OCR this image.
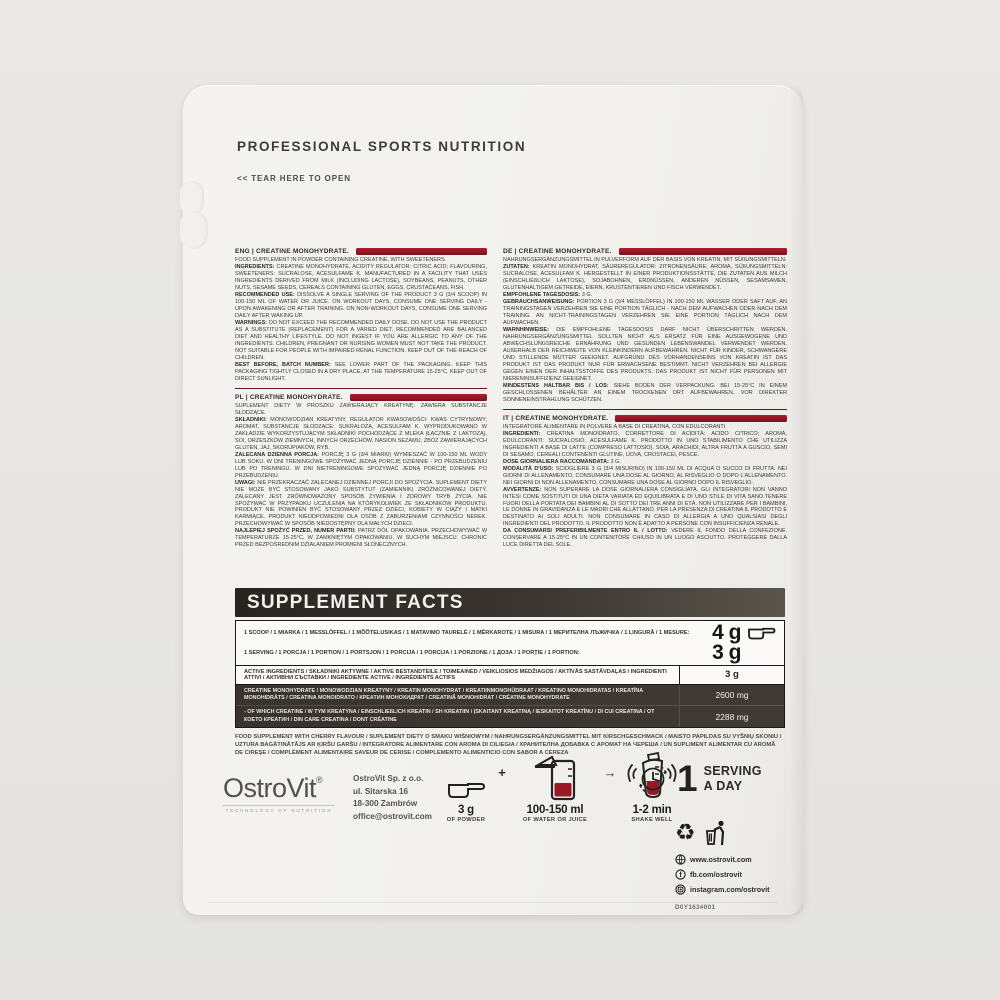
PROFESSIONAL SPORTS NUTRITION
<< TEAR HERE TO OPEN
ENG | CREATINE MONOHYDRATE.

FOOD SUPPLEMENT IN POWDER CONTAINING CREATINE, WITH SWEETENERS.

INGREDIENTS: CREATINE MONOHYDRATE, ACIDITY REGULATOR: CITRIC ACID; FLAVOURING, SWEETENERS: SUCRALOSE, ACESULFAME K. MANUFACTURED IN A FACILITY THAT USES INGREDIENTS DERIVED FROM MILK (INCLUDING LACTOSE), SOYBEANS, PEANUTS, OTHER NUTS, SESAME SEEDS, CEREALS CONTAINING GLUTEN, EGGS, CRUSTACEANS, FISH.

RECOMMENDED USE: DISSOLVE A SINGLE SERVING OF THE PRODUCT 3 G (3/4 SCOOP) IN 100-150 ML OF WATER OR JUICE. ON WORKOUT DAYS, CONSUME ONE SERVING DAILY - UPON AWAKENING OR AFTER TRAINING. ON NON-WORKOUT DAYS, CONSUME ONE SERVING DAILY AFTER WAKING UP.

WARNINGS: DO NOT EXCEED THE RECOMMENDED DAILY DOSE. DO NOT USE THE PRODUCT AS A SUBSTITUTE (REPLACEMENT) FOR A VARIED DIET. RECOMMENDED ARE BALANCED DIET AND HEALTHY LIFESTYLE. DO NOT INGEST IF YOU ARE ALLERGIC TO ANY OF THE INGREDIENTS. CHILDREN, PREGNANT OR NURSING WOMEN MUST NOT TAKE THE PRODUCT. NOT SUITABLE FOR PEOPLE WITH IMPAIRED RENAL FUNCTION. KEEP OUT OF THE REACH OF CHILDREN.

BEST BEFORE, BATCH NUMBER: SEE LOWER PART OF THE PACKAGING. KEEP THIS PACKAGING TIGHTLY CLOSED IN A DRY PLACE, AT THE TEMPERATURE 15-25°C. KEEP OUT OF DIRECT SUNLIGHT.

PL | CREATINE MONOHYDRATE.

SUPLEMENT DIETY W PROSZKU ZAWIERAJĄCY KREATYNĘ. ZAWIERA SUBSTANCJE SŁODZĄCE.

SKŁADNIKI: MONOWODZIAN KREATYNY, REGULATOR KWASOWOŚCI: KWAS CYTRYNOWY; AROMAT, SUBSTANCJE SŁODZĄCE: SUKRALOZA, ACESULFAM K. WYPRODUKOWANO W ZAKŁADZIE WYKORZYSTUJĄCYM SKŁADNIKI POCHODZĄCE Z MLEKA (ŁĄCZNIE Z LAKTOZĄ), SOI, ORZESZKÓW ZIEMNYCH, INNYCH ORZECHÓW, NASION SEZAMU, ZBÓŻ ZAWIERAJĄCYCH GLUTEN, JAJ, SKORUPIAKÓW, RYB.

ZALECANA DZIENNA PORCJA: PORCJĘ 3 G (3/4 MIARKI) WYMIESZAĆ W 100-150 ML WODY LUB SOKU. W DNI TRENINGOWE SPOŻYWAĆ JEDNĄ PORCJĘ DZIENNIE - PO PRZEBUDZENIU LUB PO TRENINGU. W DNI NIETRENINGOWE SPOŻYWAĆ JEDNĄ PORCJĘ DZIENNIE PO PRZEBUDZENIU.

UWAGI: NIE PRZEKRACZAĆ ZALECANEJ DZIENNEJ PORCJI DO SPOŻYCIA. SUPLEMENT DIETY NIE MOŻE BYĆ STOSOWANY JAKO SUBSTYTUT (ZAMIENNIK) ZRÓŻNICOWANEJ DIETY. ZALECANY JEST ZRÓWNOWAŻONY SPOSÓB ŻYWIENIA I ZDROWY TRYB ŻYCIA. NIE SPOŻYWAĆ W PRZYPADKU UCZULENIA NA KTÓRYKOLWIEK ZE SKŁADNIKÓW PRODUKTU. PRODUKT NIE POWINIEN BYĆ STOSOWANY PRZEZ DZIECI, KOBIETY W CIĄŻY I MATKI KARMIĄCE. PRODUKT NIEODPOWIEDNI DLA OSÓB Z ZABURZENIAMI CZYNNOŚCI NEREK. PRZECHOWYWAĆ W SPOSÓB NIEDOSTĘPNY DLA MAŁYCH DZIECI.

NAJLEPIEJ SPOŻYĆ PRZED, NUMER PARTII: PATRZ DÓŁ OPAKOWANIA. PRZECHOWYWAĆ W TEMPERATURZE 15-25°C, W ZAMKNIĘTYM OPAKOWANIU, W SUCHYM MIEJSCU. CHRONIĆ PRZED BEZPOŚREDNIM DZIAŁANIEM PROMIENI SŁONECZNYCH.

DE | CREATINE MONOHYDRATE.

NAHRUNGSERGÄNZUNGSMITTEL IN PULVERFORM AUF DER BASIS VON KREATIN, MIT SÜßUNGSMITTELN.

ZUTATEN: KREATIN MONOHYDRAT, SÄUREREGULATOR: ZITRONENSÄURE; AROMA, SÜßUNGSMITTELN: SUCRALOSE, ACESULFAM K. HERGESTELLT IN EINER PRODUKTIONSSTÄTTE, DIE ZUTATEN AUS MILCH (EINSCHLIEßLICH LAKTOSE), SOJABOHNEN, ERDNÜSSEN, ANDEREN NÜSSEN, SESAMSAMEN, GLUTENHALTIGEM GETREIDE, EIERN, KRUSTENTIEREN UND FISCH VERWENDET.

EMPFOHLENE TAGESDOSIS: 3 G.

GEBRAUCHSANWEISUNG: PORTION 3 G (3/4 MESSLÖFFEL) IN 100-150 ML WASSER ODER SAFT AUF. AN TRAININGSTAGEN VERZEHREN SIE EINE PORTION TÄGLICH - NACH DEM AUFWACHEN ODER NACH DEM TRAINING. AN NICHT-TRAININGSTAGEN VERZEHREN SIE EINE PORTION TÄGLICH NACH DEM AUFWACHEN.

WARNHINWEISE: DIE EMPFOHLENE TAGESDOSIS DARF NICHT ÜBERSCHRITTEN WERDEN. NAHRUNGSERGÄNZUNGSMITTEL SOLLTEN NICHT ALS ERSATZ FÜR EINE AUSGEWOGENE UND ABWECHSLUNGSREICHE ERNÄHRUNG UND GESUNDEN LEBENSWANDEL VERWENDET WERDEN. AUßERHALB DER REICHWEITE VON KLEINKINDERN AUFBEWAHREN. NICHT FÜR KINDER, SCHWANGERE UND STILLENDE MÜTTER GEEIGNET. AUFGRUND DES VORHANDENSEINS VON KREATIN IST DAS PRODUKT IST DAS PRODUKT NUR FÜR ERWACHSENE BESTIMMT. NICHT VERZEHREN BEI ALLERGIE GEGEN EINEN DER INHALTSSTOFFE DES PRODUKTS. DAS PRODUKT IST NICHT FÜR PERSONEN MIT NIERENINSUFFIZIENZ GEEIGNET.

MINDESTENS HALTBAR BIS / LOS: SIEHE BODEN DER VERPACKUNG. BEI 15-25°C IN EINEM GESCHLOSSENEN BEHÄLTER AN EINEM TROCKENEN ORT AUFBEWAHREN. VOR DIREKTER SONNENEINSTRAHLUNG SCHÜTZEN.

IT | CREATINE MONOHYDRATE.

INTEGRATORE ALIMENTARE IN POLVERE A BASE DI CREATINA, CON EDULCORANTI.

INGREDIENTI: CREATINA MONOIDRATO, CORRETTORE DI ACIDITÀ: ACIDO CITRICO; AROMA, EDULCORANTI: SUCRALOSIO, ACESULFAME K. PRODOTTO IN UNO STABILIMENTO CHE UTILIZZA INGREDIENTI A BASE DI LATTE (COMPRESO LATTOSIO), SOIA, ARACHIDI, ALTRA FRUTTA A GUSCIO, SEMI DI SESAMO, CEREALI CONTENENTI GLUTINE, UOVA, CROSTACEI, PESCE.

DOSE GIORNALIERA RACCOMANDATA: 3 G.

MODALITÀ D'USO: SCIOGLIERE 3 G (3/4 MISURINO) IN 100-150 ML DI ACQUA O SUCCO DI FRUTTA. NEI GIORNI DI ALLENAMENTO, CONSUMARE UNA DOSE AL GIORNO, AL RISVEGLIO O DOPO L'ALLENAMENTO. NEI GIORNI DI NON ALLENAMENTO, CONSUMARE UNA DOSE AL GIORNO DOPO IL RISVEGLIO.

AVVERTENZE: NON SUPERARE LA DOSE GIORNALIERA CONSIGLIATA. GLI INTEGRATORI NON VANNO INTESI COME SOSTITUTI DI UNA DIETA VARIATA ED EQUILIBRATA E DI UNO STILE DI VITA SANO.TENERE FUORI DELLA PORTATA DEI BAMBINI AL DI SOTTO DEI TRE ANNI DI ETÀ. NON UTILIZZARE PER I BAMBINI, LE DONNE IN GRAVIDANZA E LE MADRI CHE ALLATTANO. PER LA PRESENZA DI CREATINA IL PRODOTTO È DESTINATO AI SOLI ADULTI. NON CONSUMARE IN CASO DI ALLERGIA A UNO QUALSIASI DEGLI INGREDIENTI DEL PRODOTTO. IL PRODOTTO NON È ADATTO A PERSONE CON INSUFFICIENZA RENALE.

DA CONSUMARSI PREFERIBILMENTE ENTRO IL / LOTTO: VEDERE IL FONDO DELLA CONFEZIONE. CONSERVARE A 15-25°C IN UN CONTENITORE CHIUSO IN UN LUOGO ASCIUTTO. PROTEGGERE DALLA LUCE DIRETTA DEL SOLE.

SUPPLEMENT FACTS
1 SCOOP / 1 MIARKA / 1 MESSLÖFFEL / 1 MÕÕTELUSIKAS / 1 MATAVIMO TAURELĖ / 1 MĒRKAROTE / 1 MISURA / 1 МЕРИТЕЛНА ЛЪЖИЧКА / 1 LINGURĂ / 1 MESURE:	4 g
1 SERVING / 1 PORCJA / 1 PORTION / 1 PORTSJON / 1 PORCIJA / 1 PORCIJA / 1 PORZIONE / 1 ДОЗА / 1 PORȚIE / 1 PORTION:	3 g
ACTIVE INGREDIENTS / SKŁADNIKI AKTYWNE / AKTIVE BESTANDTEILE / TOIMEAINED / VEIKLIOSIOS MEDŽIAGOS / AKTĪVĀS SASTĀVDAĻAS / INGREDIENTI ATTIVI / АКТИВНИ СЪСТАВКИ / INGREDIENTE ACTIVE / INGRÉDIENTS ACTIFS	3 g
CREATINE MONOHYDRATE / MONOWODZIAN KREATYNY / KREATIN MONOHYDRAT / KREATIINMONOHÜDRAAT / KREATINO MONOHIDRATAS / KREATĪNA MONOHIDRĀTS / CREATINA MONOIDRATO / КРЕАТИН МОНОХИДРАТ / CREATINĂ MONOHIDRAT / CRÉATINE MONOHYDRATE	2600 mg
- OF WHICH CREATINE / W TYM KREATYNA / EINSCHLIEßLICH KREATIN / SH KREATIIN / ĮSKAITANT KREATINĄ / IESKAITOT KREATĪNU / DI CUI CREATINA / ОТ КОЕТО КРЕАТИН / DIN CARE CREATINA / DONT CRÉATINE	2288 mg
FOOD SUPPLEMENT WITH CHERRY FLAVOUR / SUPLEMENT DIETY O SMAKU WIŚNIOWYM / NAHRUNGSERGÄNZUNGSMITTEL MIT KIRSCHGESCHMACK / MAISTO PAPILDAS SU VYŠNIŲ SKONIU / UZTURA BAGĀTINĀTĀJS AR ĶIRŠU GARŠU / INTEGRATORE ALIMENTARE CON AROMA DI CILIEGIA / ХРАНИТЕЛНА ДОБАВКА С АРОМАТ НА ЧЕРЕША / UN SUPLIMENT ALIMENTAR CU AROMĂ DE CIREŞE / COMPLÉMENT ALIMENTAIRE SAVEUR DE CERISE / COMPLEMENTO ALIMENTICIO CON SABOR A CEREZA
OstroVit®
TECHNOLOGY OF NUTRITION
OstroVit Sp. z o.o.
ul. Sitarska 16
18-300 Zambrów
office@ostrovit.com
+	→
3 g
OF POWDER
100-150 ml
OF WATER OR JUICE
1-2 min
SHAKE WELL
1 SERVING
A DAY
♻
www.ostrovit.com
f fb.com/ostrovit
instagram.com/ostrovit
D0Y163#001
